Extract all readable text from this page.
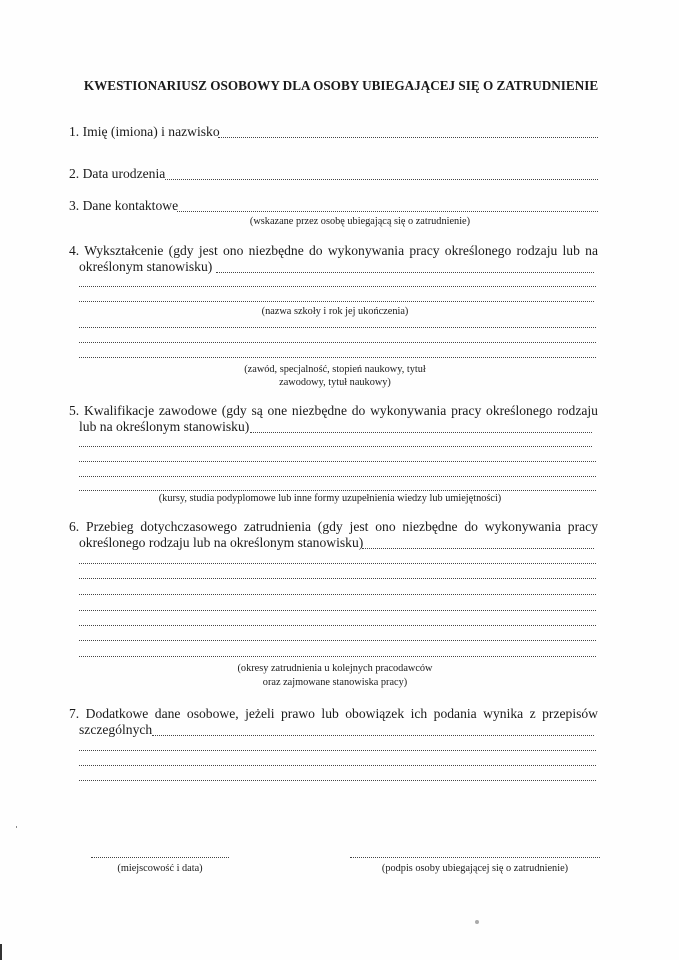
KWESTIONARIUSZ OSOBOWY DLA OSOBY UBIEGAJĄCEJ SIĘ O ZATRUDNIENIE
1. Imię (imiona) i nazwisko
2. Data urodzenia
3. Dane kontaktowe
(wskazane przez osobę ubiegającą się o zatrudnienie)
4. Wykształcenie (gdy jest ono niezbędne do wykonywania pracy określonego rodzaju lub na
określonym stanowisku)
(nazwa szkoły i rok jej ukończenia)
(zawód, specjalność, stopień naukowy, tytuł
zawodowy, tytuł naukowy)
5. Kwalifikacje zawodowe (gdy są one niezbędne do wykonywania pracy określonego rodzaju
lub na określonym stanowisku)
(kursy, studia podyplomowe lub inne formy uzupełnienia wiedzy lub umiejętności)
6. Przebieg dotychczasowego zatrudnienia (gdy jest ono niezbędne do wykonywania pracy
określonego rodzaju lub na określonym stanowisku)
(okresy zatrudnienia u kolejnych pracodawców
oraz zajmowane stanowiska pracy)
7. Dodatkowe dane osobowe, jeżeli prawo lub obowiązek ich podania wynika z przepisów
szczególnych
(miejscowość i data)	(podpis osoby ubiegającej się o zatrudnienie)
